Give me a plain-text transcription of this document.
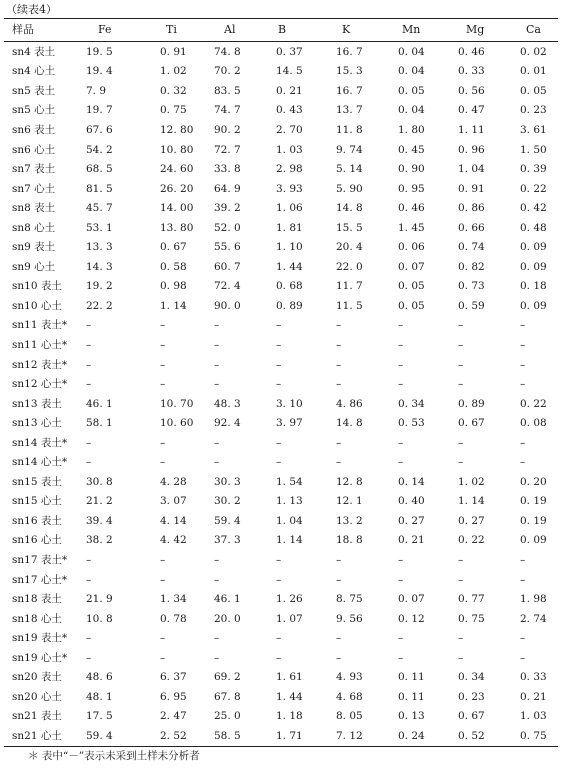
（续表4）
样品	Fe	Ti	Al	B	K	Mn	Mg	Ca
sn4 表土	19. 5	0. 91	74. 8	0. 37	16. 7	0. 04	0. 46	0. 02
sn4 心土	19. 4	1. 02	70. 2	14. 5	15. 3	0. 04	0. 33	0. 01
sn5 表土	7. 9	0. 32	83. 5	0. 21	16. 7	0. 05	0. 56	0. 05
sn5 心土	19. 7	0. 75	74. 7	0. 43	13. 7	0. 04	0. 47	0. 23
sn6 表土	67. 6	12. 80	90. 2	2. 70	11. 8	1. 80	1. 11	3. 61
sn6 心土	54. 2	10. 80	72. 7	1. 03	9. 74	0. 45	0. 96	1. 50
sn7 表土	68. 5	24. 60	33. 8	2. 98	5. 14	0. 90	1. 04	0. 39
sn7 心土	81. 5	26. 20	64. 9	3. 93	5. 90	0. 95	0. 91	0. 22
sn8 表土	45. 7	14. 00	39. 2	1. 06	14. 8	0. 46	0. 86	0. 42
sn8 心土	53. 1	13. 80	52. 0	1. 81	15. 5	1. 45	0. 66	0. 48
sn9 表土	13. 3	0. 67	55. 6	1. 10	20. 4	0. 06	0. 74	0. 09
sn9 心土	14. 3	0. 58	60. 7	1. 44	22. 0	0. 07	0. 82	0. 09
sn10 表土	19. 2	0. 98	72. 4	0. 68	11. 7	0. 05	0. 73	0. 18
sn10 心土	22. 2	1. 14	90. 0	0. 89	11. 5	0. 05	0. 59	0. 09
sn11 表土*	–	–	–	–	–	–	–	–
sn11 心土*	–	–	–	–	–	–	–	–
sn12 表土*	–	–	–	–	–	–	–	–
sn12 心土*	–	–	–	–	–	–	–	–
sn13 表土	46. 1	10. 70	48. 3	3. 10	4. 86	0. 34	0. 89	0. 22
sn13 心土	58. 1	10. 60	92. 4	3. 97	14. 8	0. 53	0. 67	0. 08
sn14 表土*	–	–	–	–	–	–	–	–
sn14 心土*	–	–	–	–	–	–	–	–
sn15 表土	30. 8	4. 28	30. 3	1. 54	12. 8	0. 14	1. 02	0. 20
sn15 心土	21. 2	3. 07	30. 2	1. 13	12. 1	0. 40	1. 14	0. 19
sn16 表土	39. 4	4. 14	59. 4	1. 04	13. 2	0. 27	0. 27	0. 19
sn16 心土	38. 2	4. 42	37. 3	1. 14	18. 8	0. 21	0. 22	0. 09
sn17 表土*	–	–	–	–	–	–	–	–
sn17 心土*	–	–	–	–	–	–	–	–
sn18 表土	21. 9	1. 34	46. 1	1. 26	8. 75	0. 07	0. 77	1. 98
sn18 心土	10. 8	0. 78	20. 0	1. 07	9. 56	0. 12	0. 75	2. 74
sn19 表土*	–	–	–	–	–	–	–	–
sn19 心土*	–	–	–	–	–	–	–	–
sn20 表土	48. 6	6. 37	69. 2	1. 61	4. 93	0. 11	0. 34	0. 33
sn20 心土	48. 1	6. 95	67. 8	1. 44	4. 68	0. 11	0. 23	0. 21
sn21 表土	17. 5	2. 47	25. 0	1. 18	8. 05	0. 13	0. 67	1. 03
sn21 心土	59. 4	2. 52	58. 5	1. 71	7. 12	0. 24	0. 52	0. 75
＊ 表中“－”表示未采到土样未分析者
